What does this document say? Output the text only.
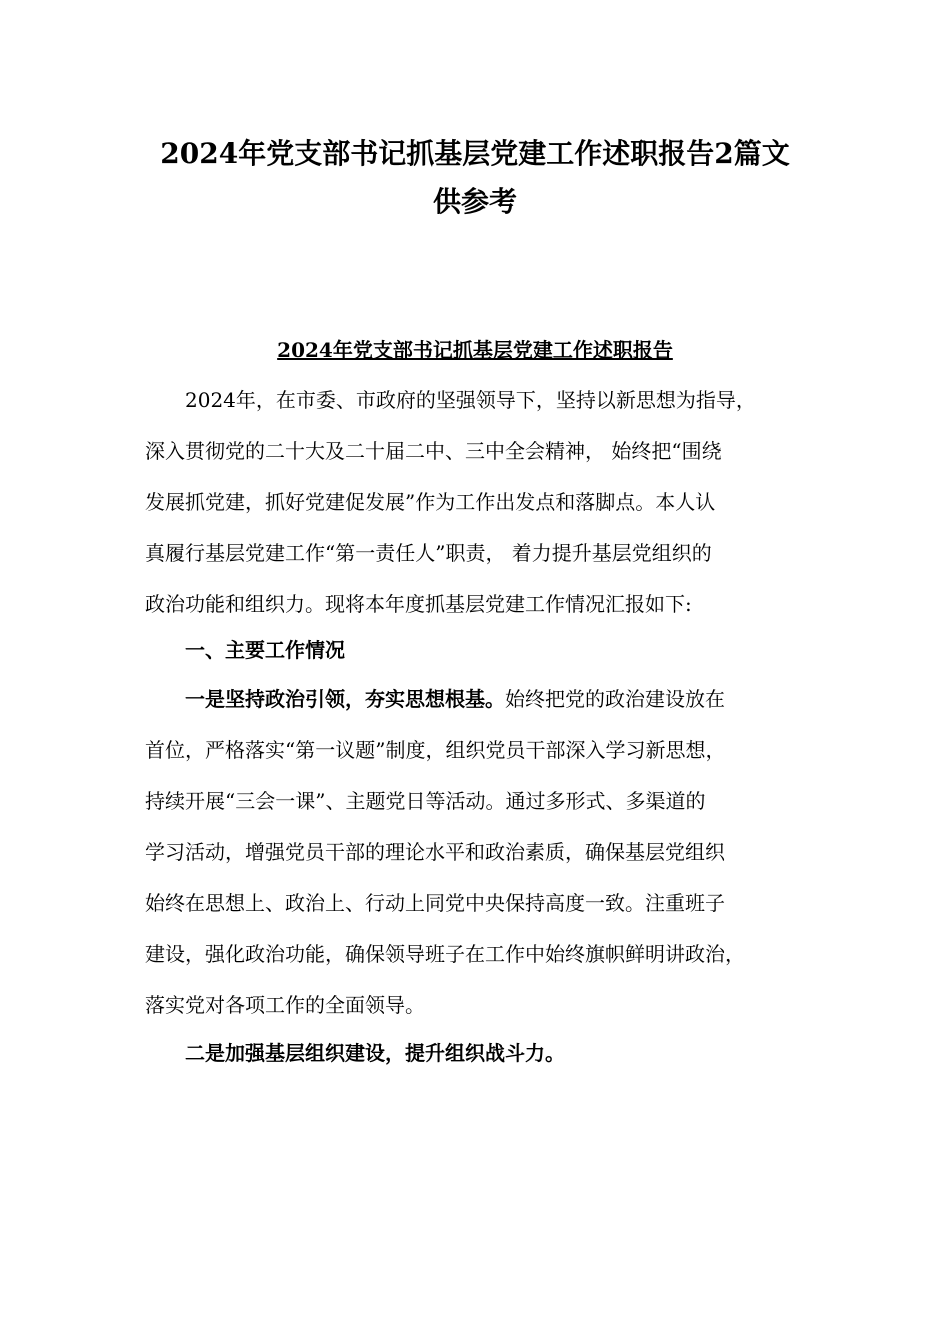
2024年党支部书记抓基层党建工作述职报告2篇文
供参考
2024年党支部书记抓基层党建工作述职报告
2024年，在市委、市政府的坚强领导下，坚持以新思想为指导，
深入贯彻党的二十大及二十届二中、三中全会精神， 始终把“围绕
发展抓党建，抓好党建促发展”作为工作出发点和落脚点。本人认
真履行基层党建工作“第一责任人”职责， 着力提升基层党组织的
政治功能和组织力。现将本年度抓基层党建工作情况汇报如下:
一、主要工作情况
一是坚持政治引领，夯实思想根基。始终把党的政治建设放在
首位，严格落实“第一议题”制度，组织党员干部深入学习新思想，
持续开展“三会一课”、主题党日等活动。通过多形式、多渠道的
学习活动，增强党员干部的理论水平和政治素质，确保基层党组织
始终在思想上、政治上、行动上同党中央保持高度一致。注重班子
建设，强化政治功能，确保领导班子在工作中始终旗帜鲜明讲政治，
落实党对各项工作的全面领导。
二是加强基层组织建设，提升组织战斗力。
